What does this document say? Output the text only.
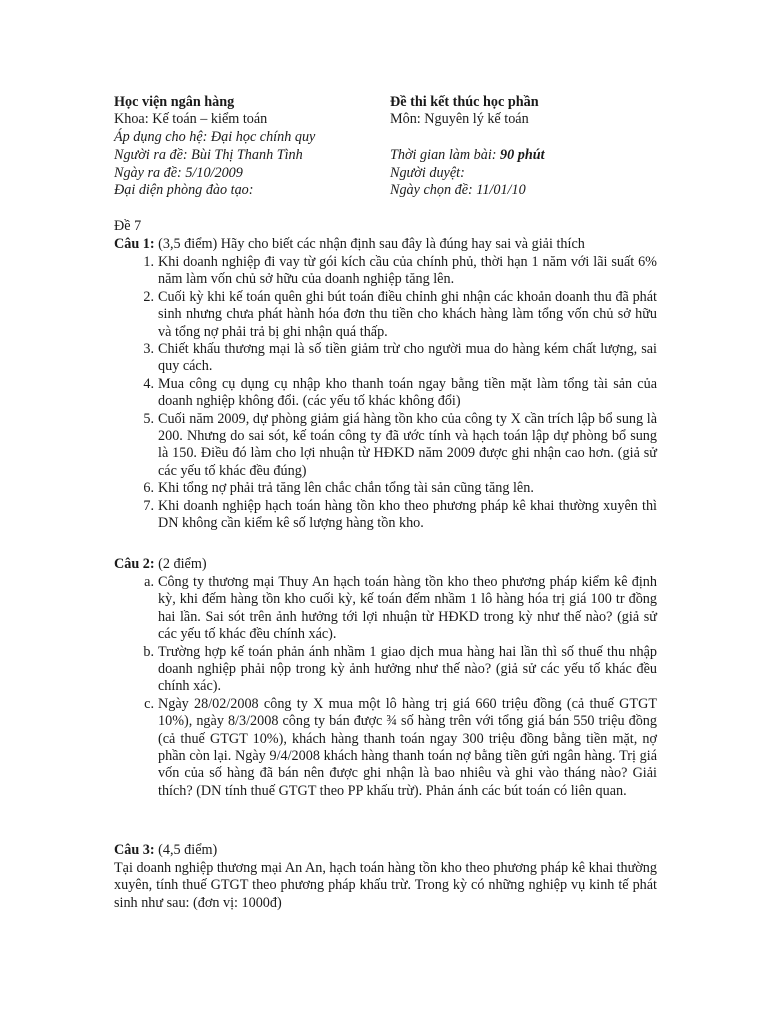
Học viện ngân hàng
Khoa: Kế toán – kiểm toán
Áp dụng cho hệ: Đại học chính quy
Người ra đề: Bùi Thị Thanh Tình
Ngày ra đề: 5/10/2009
Đại diện phòng đào tạo:
Đề thi kết thúc học phần
Môn: Nguyên lý kế toán
Thời gian làm bài: 90 phút
Người duyệt:
Ngày chọn đề: 11/01/10
Đề 7
Câu 1: (3,5 điểm) Hãy cho biết các nhận định sau đây là đúng hay sai và giải thích
1. Khi doanh nghiệp đi vay từ gói kích cầu của chính phủ, thời hạn 1 năm với lãi suất 6% năm làm vốn chủ sở hữu của doanh nghiệp tăng lên.

2. Cuối kỳ khi kế toán quên ghi bút toán điều chỉnh ghi nhận các khoản doanh thu đã phát sinh nhưng chưa phát hành hóa đơn thu tiền cho khách hàng làm tổng vốn chủ sở hữu và tổng nợ phải trả bị ghi nhận quá thấp.

3. Chiết khấu thương mại là số tiền giảm trừ cho người mua do hàng kém chất lượng, sai quy cách.

4. Mua công cụ dụng cụ nhập kho thanh toán ngay bằng tiền mặt làm tổng tài sản của doanh nghiệp không đổi. (các yếu tố khác không đổi)

5. Cuối năm 2009, dự phòng giảm giá hàng tồn kho của công ty X cần trích lập bổ sung là 200. Nhưng do sai sót, kế toán công ty đã ước tính và hạch toán lập dự phòng bổ sung là 150. Điều đó làm cho lợi nhuận từ HĐKD năm 2009 được ghi nhận cao hơn. (giả sử các yếu tố khác đều đúng)

6. Khi tổng nợ phải trả tăng lên chắc chắn tổng tài sản cũng tăng lên.

7. Khi doanh nghiệp hạch toán hàng tồn kho theo phương pháp kê khai thường xuyên thì DN không cần kiểm kê số lượng hàng tồn kho.

Câu 2: (2 điểm)
a. Công ty thương mại Thuy An hạch toán hàng tồn kho theo phương pháp kiểm kê định kỳ, khi đếm hàng tồn kho cuối kỳ, kế toán đếm nhầm 1 lô hàng hóa trị giá 100 tr đồng hai lần. Sai sót trên ảnh hưởng tới lợi nhuận từ HĐKD trong kỳ như thế nào? (giả sử các yếu tố khác đều chính xác).

b. Trường hợp kế toán phản ánh nhầm 1 giao dịch mua hàng hai lần thì số thuế thu nhập doanh nghiệp phải nộp trong kỳ ảnh hưởng như thế nào? (giả sử các yếu tố khác đều chính xác).

c. Ngày 28/02/2008 công ty X mua một lô hàng trị giá 660 triệu đồng (cả thuế GTGT 10%), ngày 8/3/2008 công ty bán được ¾ số hàng trên với tổng giá bán 550 triệu đồng (cả thuế GTGT 10%), khách hàng thanh toán ngay 300 triệu đồng bằng tiền mặt, nợ phần còn lại. Ngày 9/4/2008 khách hàng thanh toán nợ bằng tiền gửi ngân hàng. Trị giá vốn của số hàng đã bán nên được ghi nhận là bao nhiêu và ghi vào tháng nào? Giải thích? (DN tính thuế GTGT theo PP khấu trừ). Phản ánh các bút toán có liên quan.

Câu 3: (4,5 điểm)
Tại doanh nghiệp thương mại An An, hạch toán hàng tồn kho theo phương pháp kê khai thường xuyên, tính thuế GTGT theo phương pháp khấu trừ. Trong kỳ có những nghiệp vụ kinh tế phát sinh như sau: (đơn vị: 1000đ)
